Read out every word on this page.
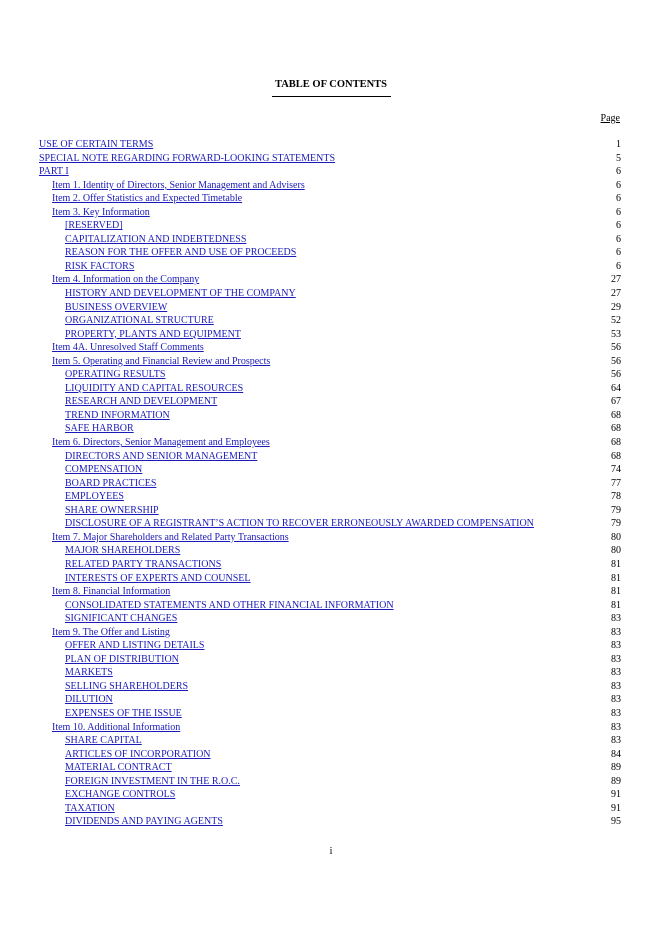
TABLE OF CONTENTS
Page
USE OF CERTAIN TERMS	1
SPECIAL NOTE REGARDING FORWARD-LOOKING STATEMENTS	5
PART I	6
Item 1. Identity of Directors, Senior Management and Advisers	6
Item 2. Offer Statistics and Expected Timetable	6
Item 3. Key Information	6
[RESERVED]	6
CAPITALIZATION AND INDEBTEDNESS	6
REASON FOR THE OFFER AND USE OF PROCEEDS	6
RISK FACTORS	6
Item 4. Information on the Company	27
HISTORY AND DEVELOPMENT OF THE COMPANY	27
BUSINESS OVERVIEW	29
ORGANIZATIONAL STRUCTURE	52
PROPERTY, PLANTS AND EQUIPMENT	53
Item 4A. Unresolved Staff Comments	56
Item 5. Operating and Financial Review and Prospects	56
OPERATING RESULTS	56
LIQUIDITY AND CAPITAL RESOURCES	64
RESEARCH AND DEVELOPMENT	67
TREND INFORMATION	68
SAFE HARBOR	68
Item 6. Directors, Senior Management and Employees	68
DIRECTORS AND SENIOR MANAGEMENT	68
COMPENSATION	74
BOARD PRACTICES	77
EMPLOYEES	78
SHARE OWNERSHIP	79
DISCLOSURE OF A REGISTRANT’S ACTION TO RECOVER ERRONEOUSLY AWARDED COMPENSATION	79
Item 7. Major Shareholders and Related Party Transactions	80
MAJOR SHAREHOLDERS	80
RELATED PARTY TRANSACTIONS	81
INTERESTS OF EXPERTS AND COUNSEL	81
Item 8. Financial Information	81
CONSOLIDATED STATEMENTS AND OTHER FINANCIAL INFORMATION	81
SIGNIFICANT CHANGES	83
Item 9. The Offer and Listing	83
OFFER AND LISTING DETAILS	83
PLAN OF DISTRIBUTION	83
MARKETS	83
SELLING SHAREHOLDERS	83
DILUTION	83
EXPENSES OF THE ISSUE	83
Item 10. Additional Information	83
SHARE CAPITAL	83
ARTICLES OF INCORPORATION	84
MATERIAL CONTRACT	89
FOREIGN INVESTMENT IN THE R.O.C.	89
EXCHANGE CONTROLS	91
TAXATION	91
DIVIDENDS AND PAYING AGENTS	95
i
